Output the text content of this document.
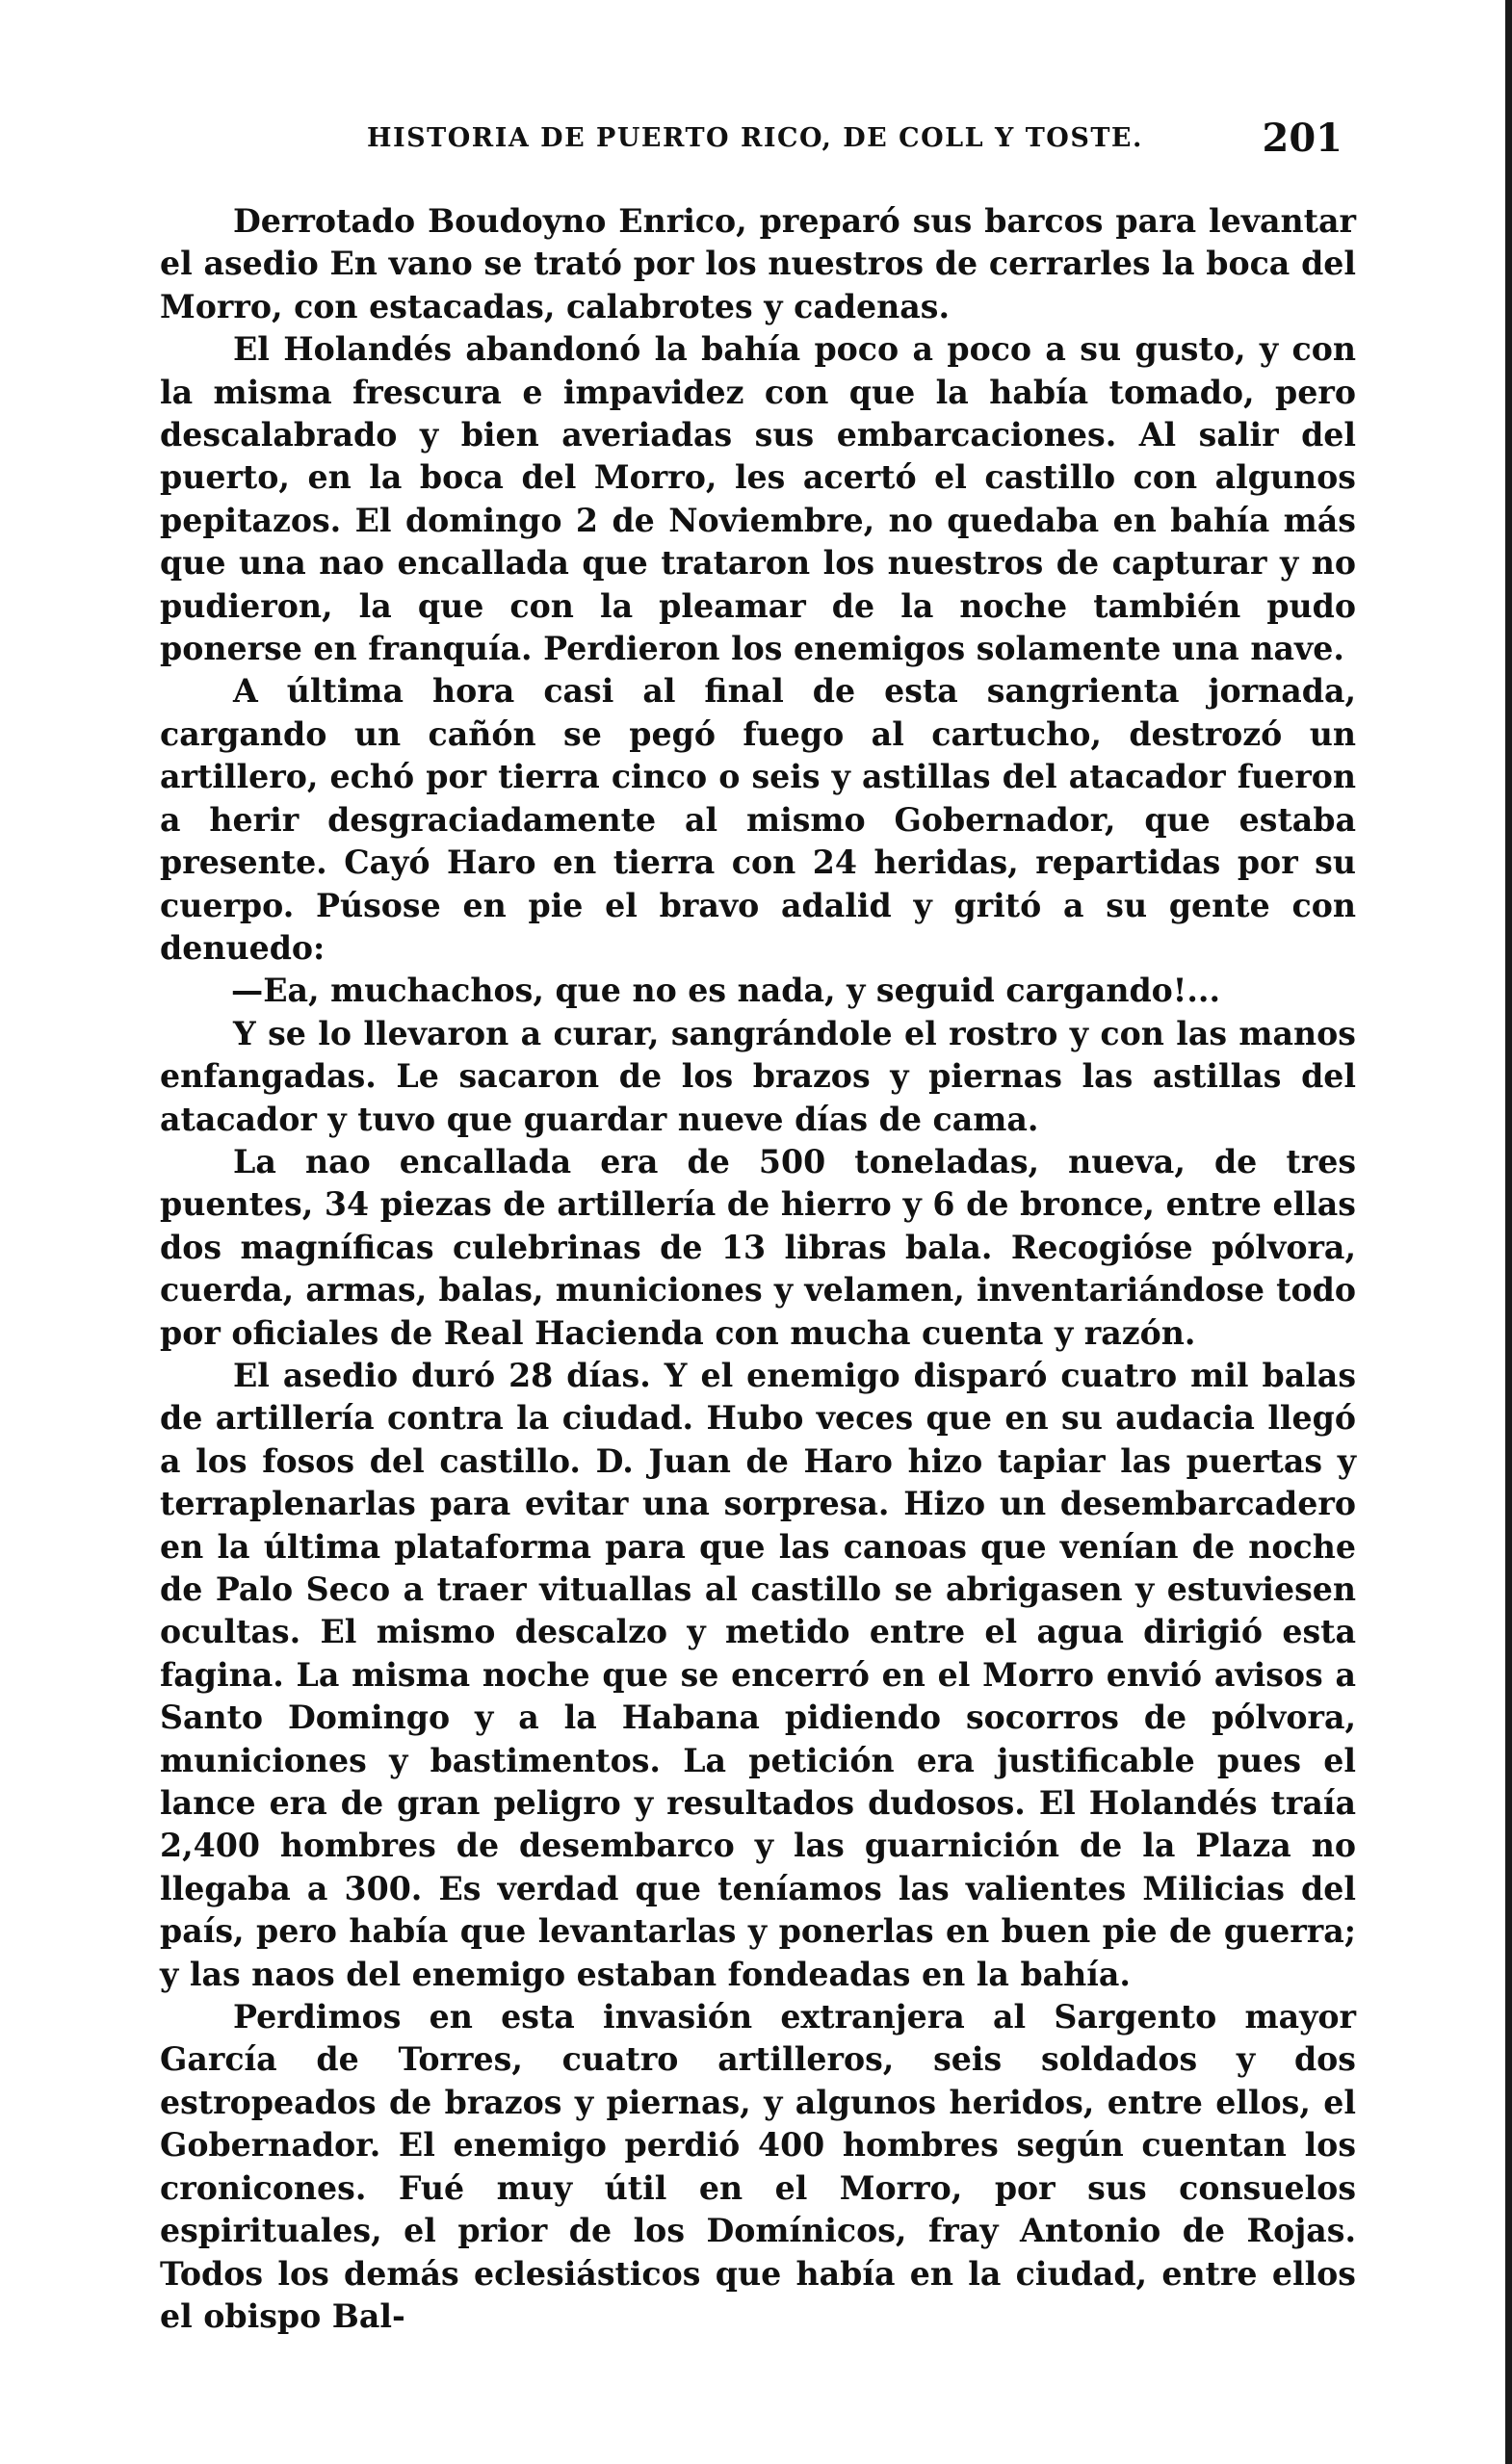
HISTORIA DE PUERTO RICO, DE COLL Y TOSTE.	201

Derrotado Boudoyno Enrico, preparó sus barcos para levantar el asedio En vano se trató por los nuestros de cerrarles la boca del Morro, con estacadas, calabrotes y cadenas.

El Holandés abandonó la bahía poco a poco a su gusto, y con la misma frescura e impavidez con que la había tomado, pero descalabrado y bien averiadas sus embarcaciones. Al salir del puerto, en la boca del Morro, les acertó el castillo con algunos pepitazos. El domingo 2 de Noviembre, no quedaba en bahía más que una nao encallada que trataron los nuestros de capturar y no pudieron, la que con la pleamar de la noche también pudo ponerse en franquía. Perdieron los enemigos solamente una nave.

A última hora casi al final de esta sangrienta jornada, cargando un cañón se pegó fuego al cartucho, destrozó un artillero, echó por tierra cinco o seis y astillas del atacador fueron a herir desgraciadamente al mismo Gobernador, que estaba presente. Cayó Haro en tierra con 24 heridas, repartidas por su cuerpo. Púsose en pie el bravo adalid y gritó a su gente con denuedo:

—Ea, muchachos, que no es nada, y seguid cargando!...

Y se lo llevaron a curar, sangrándole el rostro y con las manos enfangadas. Le sacaron de los brazos y piernas las astillas del atacador y tuvo que guardar nueve días de cama.

La nao encallada era de 500 toneladas, nueva, de tres puentes, 34 piezas de artillería de hierro y 6 de bronce, entre ellas dos magníficas culebrinas de 13 libras bala. Recogióse pólvora, cuerda, armas, balas, municiones y velamen, inventariándose todo por oficiales de Real Hacienda con mucha cuenta y razón.

El asedio duró 28 días. Y el enemigo disparó cuatro mil balas de artillería contra la ciudad. Hubo veces que en su audacia llegó a los fosos del castillo. D. Juan de Haro hizo tapiar las puertas y terraplenarlas para evitar una sorpresa. Hizo un desembarcadero en la última plataforma para que las canoas que venían de noche de Palo Seco a traer vituallas al castillo se abrigasen y estuviesen ocultas. El mismo descalzo y metido entre el agua dirigió esta fagina. La misma noche que se encerró en el Morro envió avisos a Santo Domingo y a la Habana pidiendo socorros de pólvora, municiones y bastimentos. La petición era justificable pues el lance era de gran peligro y resultados dudosos. El Holandés traía 2,400 hombres de desembarco y las guarnición de la Plaza no llegaba a 300. Es verdad que teníamos las valientes Milicias del país, pero había que levantarlas y ponerlas en buen pie de guerra; y las naos del enemigo estaban fondeadas en la bahía.

Perdimos en esta invasión extranjera al Sargento mayor García de Torres, cuatro artilleros, seis soldados y dos estropeados de brazos y piernas, y algunos heridos, entre ellos, el Gobernador. El enemigo perdió 400 hombres según cuentan los cronicones. Fué muy útil en el Morro, por sus consuelos espirituales, el prior de los Domínicos, fray Antonio de Rojas. Todos los demás eclesiásticos que había en la ciudad, entre ellos el obispo Bal-
